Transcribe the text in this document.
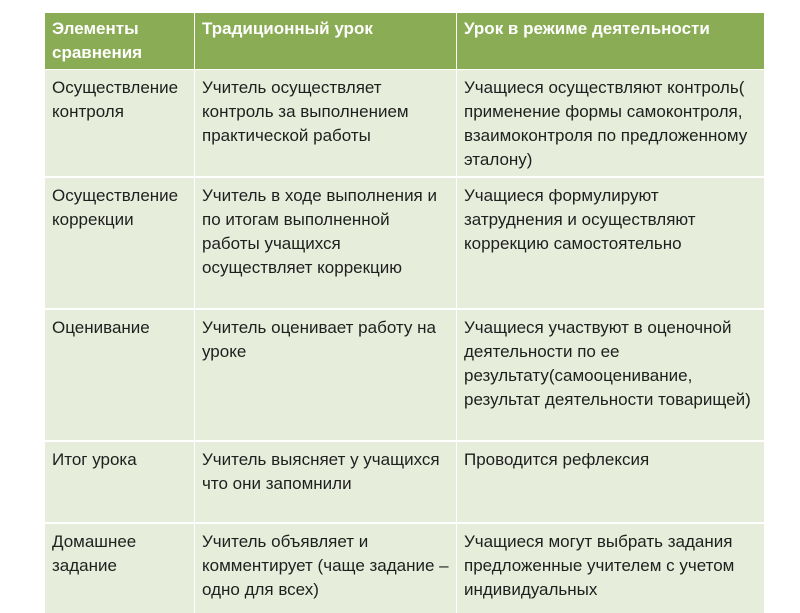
Элементы сравнения	Традиционный урок	Урок в режиме деятельности
Осуществление контроля	Учитель осуществляет контроль за выполнением практической работы	Учащиеся осуществляют контроль( применение формы самоконтроля, взаимоконтроля по предложенному эталону)
Осуществление коррекции	Учитель в ходе выполнения и по итогам выполненной работы учащихся осуществляет коррекцию	Учащиеся формулируют затруднения и осуществляют коррекцию самостоятельно
Оценивание	Учитель оценивает работу на уроке	Учащиеся участвуют в оценочной деятельности по ее результату(самооценивание, результат деятельности товарищей)
Итог урока	Учитель выясняет у учащихся что они запомнили	Проводится рефлексия
Домашнее задание	Учитель объявляет и комментирует (чаще задание – одно для всех)	Учащиеся могут выбрать задания предложенные учителем с учетом индивидуальных
